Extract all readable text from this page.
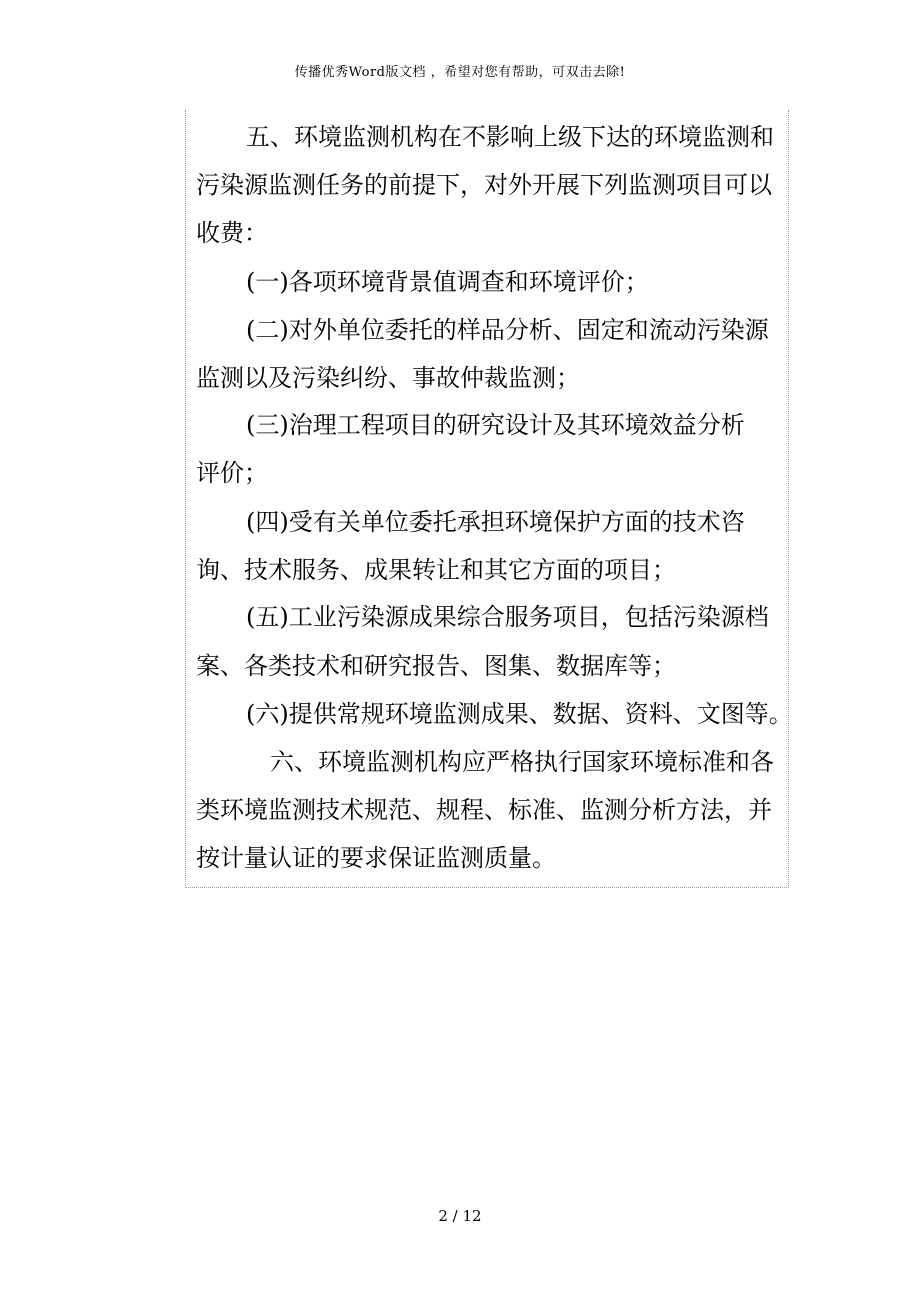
传播优秀Word版文档 ，希望对您有帮助，可双击去除!
五、环境监测机构在不影响上级下达的环境监测和
污染源监测任务的前提下，对外开展下列监测项目可以
收费：
(一)各项环境背景值调查和环境评价；
(二)对外单位委托的样品分析、固定和流动污染源
监测以及污染纠纷、事故仲裁监测；
(三)治理工程项目的研究设计及其环境效益分析
评价；
(四)受有关单位委托承担环境保护方面的技术咨
询、技术服务、成果转让和其它方面的项目；
(五)工业污染源成果综合服务项目，包括污染源档
案、各类技术和研究报告、图集、数据库等；
(六)提供常规环境监测成果、数据、资料、文图等。
六、环境监测机构应严格执行国家环境标准和各
类环境监测技术规范、规程、标准、监测分析方法，并
按计量认证的要求保证监测质量。
2 / 12
